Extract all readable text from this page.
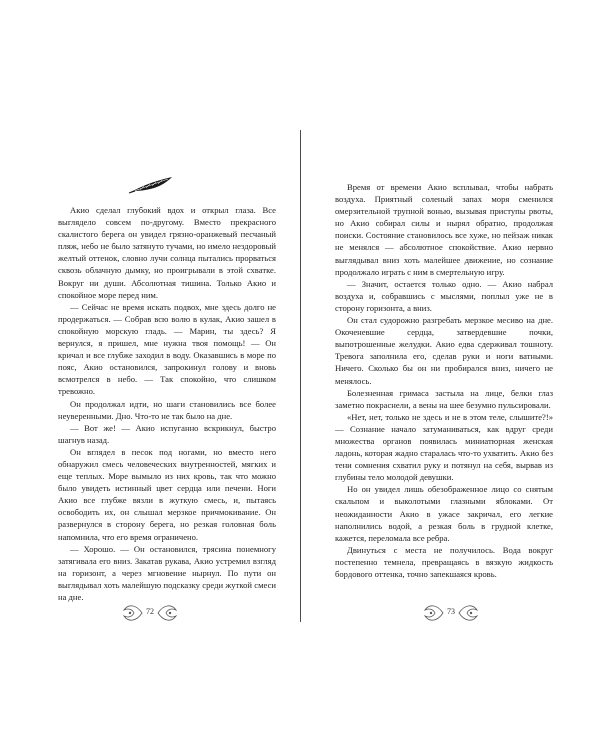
Акио сделал глубокий вдох и открыл глаза. Все выглядело совсем по-другому. Вместо прекрасного скалистого берега он увидел грязно-оранжевый песчаный пляж, небо не было затянуто тучами, но имело нездоровый желтый оттенок, словно лучи солнца пытались прорваться сквозь облачную дымку, но проигрывали в этой схватке. Вокруг ни души. Абсолютная тишина. Только Акио и спокойное море перед ним.

— Сейчас не время искать подвох, мне здесь долго не продержаться. — Собрав всю волю в кулак, Акио зашел в спокойную морскую гладь. — Марин, ты здесь? Я вернулся, я пришел, мне нужна твоя помощь! — Он кричал и все глубже заходил в воду. Оказавшись в море по пояс, Акио остановился, запрокинул голову и вновь всмотрелся в небо. — Так спокойно, что слишком тревожно.

Он продолжал идти, но шаги становились все более неуверенными. Дно. Что-то не так было на дне.

— Вот же! — Акио испуганно вскрикнул, быстро шагнув назад.

Он вглядел в песок под ногами, но вместо него обнаружил смесь человеческих внутренностей, мягких и еще теплых. Море вымыло из них кровь, так что можно было увидеть истинный цвет сердца или печени. Ноги Акио все глубже вязли в жуткую смесь, и, пытаясь освободить их, он слышал мерзкое причмокивание. Он развернулся в сторону берега, но резкая головная боль напомнила, что его время ограничено.

— Хорошо. — Он остановился, трясина понемногу затягивала его вниз. Закатав рукава, Акио устремил взгляд на горизонт, а через мгновение нырнул. По пути он выглядывал хоть малейшую подсказку среди жуткой смеси на дне.

72

Время от времени Акио всплывал, чтобы набрать воздуха. Приятный соленый запах моря сменился омерзительной трупной вонью, вызывая приступы рвоты, но Акио собирал силы и нырял обратно, продолжая поиски. Состояние становилось все хуже, но пейзаж никак не менялся — абсолютное спокойствие. Акио нервно выглядывал вниз хоть малейшее движение, но сознание продолжало играть с ним в смертельную игру.

— Значит, остается только одно. — Акио набрал воздуха и, собравшись с мыслями, поплыл уже не в сторону горизонта, а вниз.

Он стал судорожно разгребать мерзкое месиво на дне. Окоченевшие сердца, затвердевшие почки, выпотрошенные желудки. Акио едва сдерживал тошноту. Тревога заполнила его, сделав руки и ноги ватными. Ничего. Сколько бы он ни пробирался вниз, ничего не менялось.

Болезненная гримаса застыла на лице, белки глаз заметно покраснели, а вены на шее безумно пульсировали.

«Нет, нет, только не здесь и не в этом теле, слышите?!» — Сознание начало затуманиваться, как вдруг среди множества органов появилась миниатюрная женская ладонь, которая жадно старалась что-то ухватить. Акио без тени сомнения схватил руку и потянул на себя, вырвав из глубины тело молодой девушки.

Но он увидел лишь обезображенное лицо со снятым скальпом и выколотыми глазными яблоками. От неожиданности Акио в ужасе закричал, его легкие наполнились водой, а резкая боль в грудной клетке, кажется, переломала все ребра.

Двинуться с места не получилось. Вода вокруг постепенно темнела, превращаясь в вязкую жидкость бордового оттенка, точно запекшаяся кровь.

73
